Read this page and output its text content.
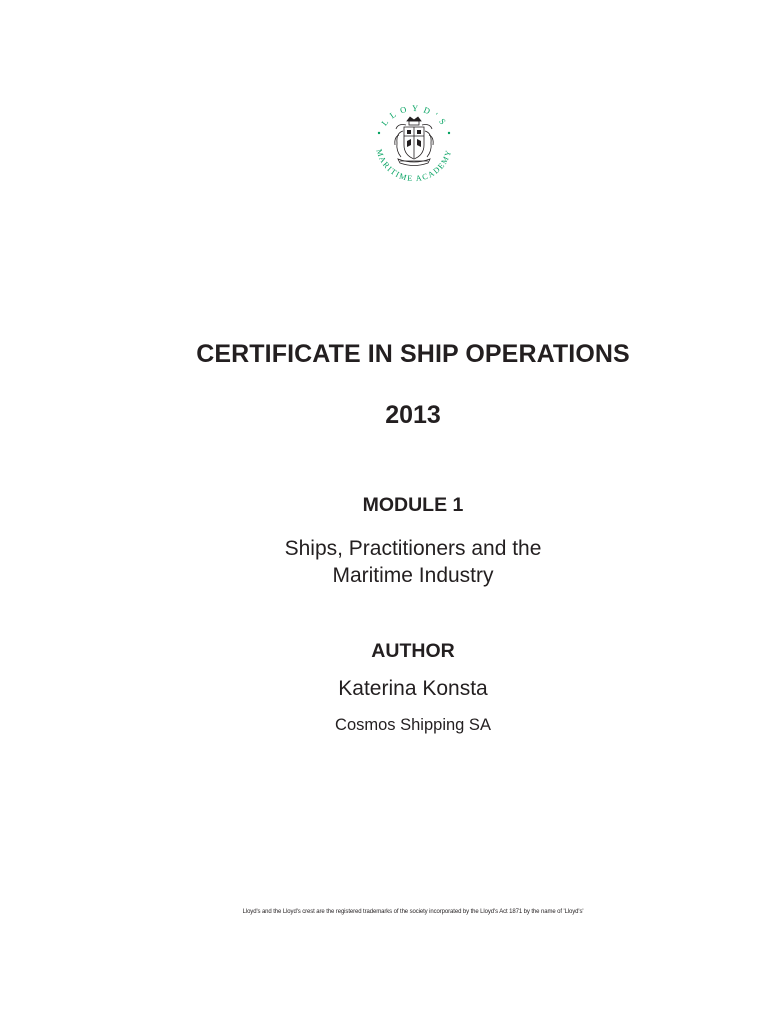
L L O Y D ' S
MARITIME ACADEMY
CERTIFICATE IN SHIP OPERATIONS
2013
MODULE 1
Ships, Practitioners and the
Maritime Industry
AUTHOR
Katerina Konsta
Cosmos Shipping SA
Lloyd's and the Lloyd's crest are the registered trademarks of the society incorporated by the Lloyd's Act 1871 by the name of 'Lloyd's'
